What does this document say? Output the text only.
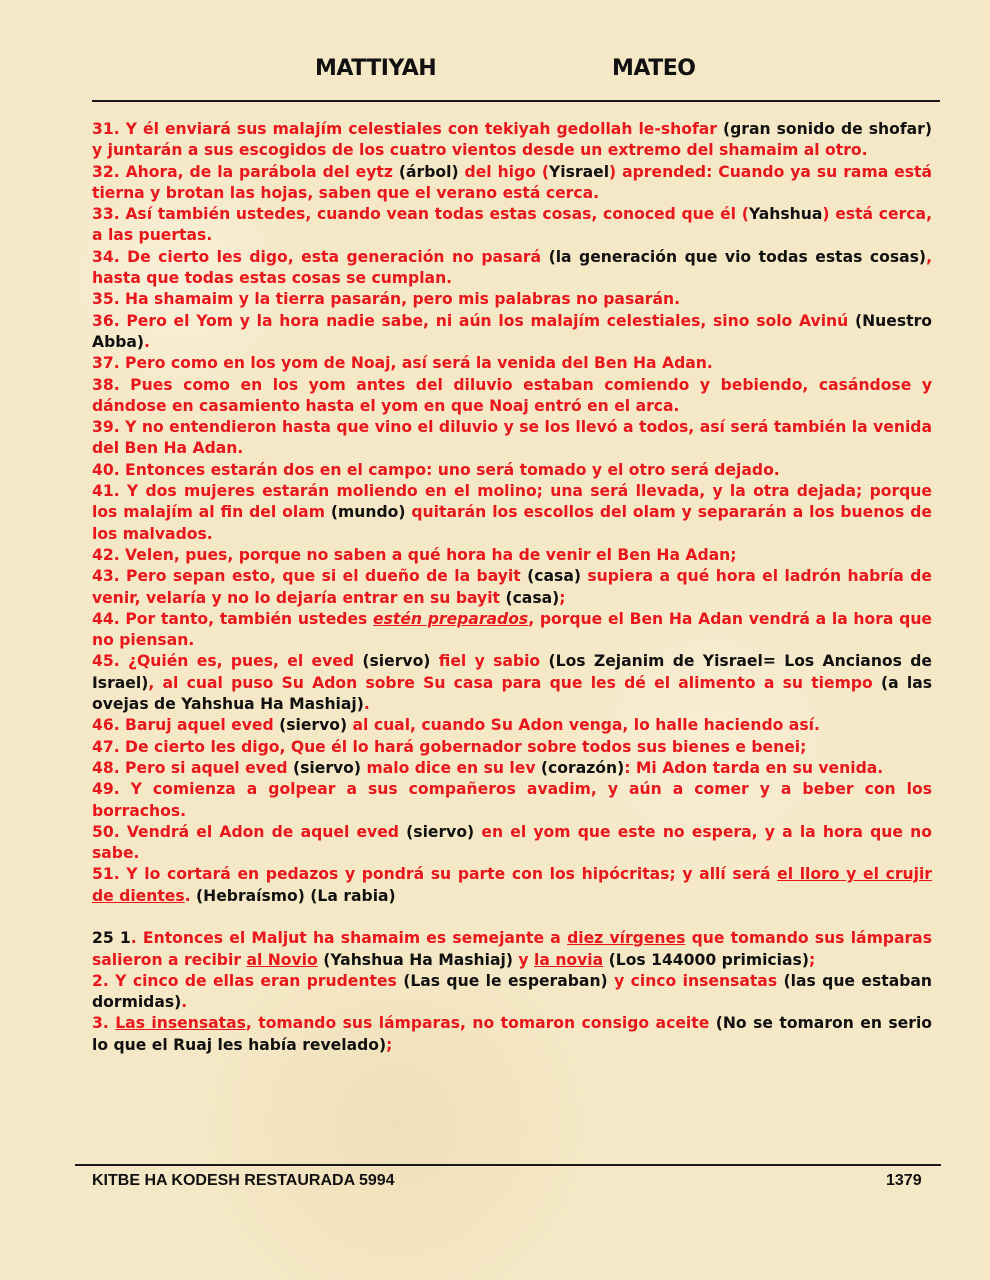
MATTIYAH	MATEO

31. Y él enviará sus malajím celestiales con tekiyah gedollah le-shofar (gran sonido de shofar) y juntarán a sus escogidos de los cuatro vientos desde un extremo del shamaim al otro.

32. Ahora, de la parábola del eytz (árbol) del higo (Yisrael) aprended: Cuando ya su rama está tierna y brotan las hojas, saben que el verano está cerca.

33. Así también ustedes, cuando vean todas estas cosas, conoced que él (Yahshua) está cerca, a las puertas.

34. De cierto les digo, esta generación no pasará (la generación que vio todas estas cosas), hasta que todas estas cosas se cumplan.

35. Ha shamaim y la tierra pasarán, pero mis palabras no pasarán.

36. Pero el Yom y la hora nadie sabe, ni aún los malajím celestiales, sino solo Avinú (Nuestro Abba).

37. Pero como en los yom de Noaj, así será la venida del Ben Ha Adan.

38. Pues como en los yom antes del diluvio estaban comiendo y bebiendo, casándose y dándose en casamiento hasta el yom en que Noaj entró en el arca.

39. Y no entendieron hasta que vino el diluvio y se los llevó a todos, así será también la venida del Ben Ha Adan.

40. Entonces estarán dos en el campo: uno será tomado y el otro será dejado.

41. Y dos mujeres estarán moliendo en el molino; una será llevada, y la otra dejada; porque los malajím al fin del olam (mundo) quitarán los escollos del olam y separarán a los buenos de los malvados.

42. Velen, pues, porque no saben a qué hora ha de venir el Ben Ha Adan;

43. Pero sepan esto, que si el dueño de la bayit (casa) supiera a qué hora el ladrón habría de venir, velaría y no lo dejaría entrar en su bayit (casa);

44. Por tanto, también ustedes estén preparados, porque el Ben Ha Adan vendrá a la hora que no piensan.

45. ¿Quién es, pues, el eved (siervo) fiel y sabio (Los Zejanim de Yisrael= Los Ancianos de Israel), al cual puso Su Adon sobre Su casa para que les dé el alimento a su tiempo (a las ovejas de Yahshua Ha Mashiaj).

46. Baruj aquel eved (siervo) al cual, cuando Su Adon venga, lo halle haciendo así.

47. De cierto les digo, Que él lo hará gobernador sobre todos sus bienes e benei;

48. Pero si aquel eved (siervo) malo dice en su lev (corazón): Mi Adon tarda en su venida.

49. Y comienza a golpear a sus compañeros avadim, y aún a comer y a beber con los borrachos.

50. Vendrá el Adon de aquel eved (siervo) en el yom que este no espera, y a la hora que no sabe.

51. Y lo cortará en pedazos y pondrá su parte con los hipócritas; y allí será el lloro y el crujir de dientes. (Hebraísmo) (La rabia)

25 1. Entonces el Maljut ha shamaim es semejante a diez vírgenes que tomando sus lámparas salieron a recibir al Novio (Yahshua Ha Mashiaj) y la novia (Los 144000 primicias);

2. Y cinco de ellas eran prudentes (Las que le esperaban) y cinco insensatas (las que estaban dormidas).

3. Las insensatas, tomando sus lámparas, no tomaron consigo aceite (No se tomaron en serio lo que el Ruaj les había revelado);

KITBE HA KODESH RESTAURADA 5994	1379
